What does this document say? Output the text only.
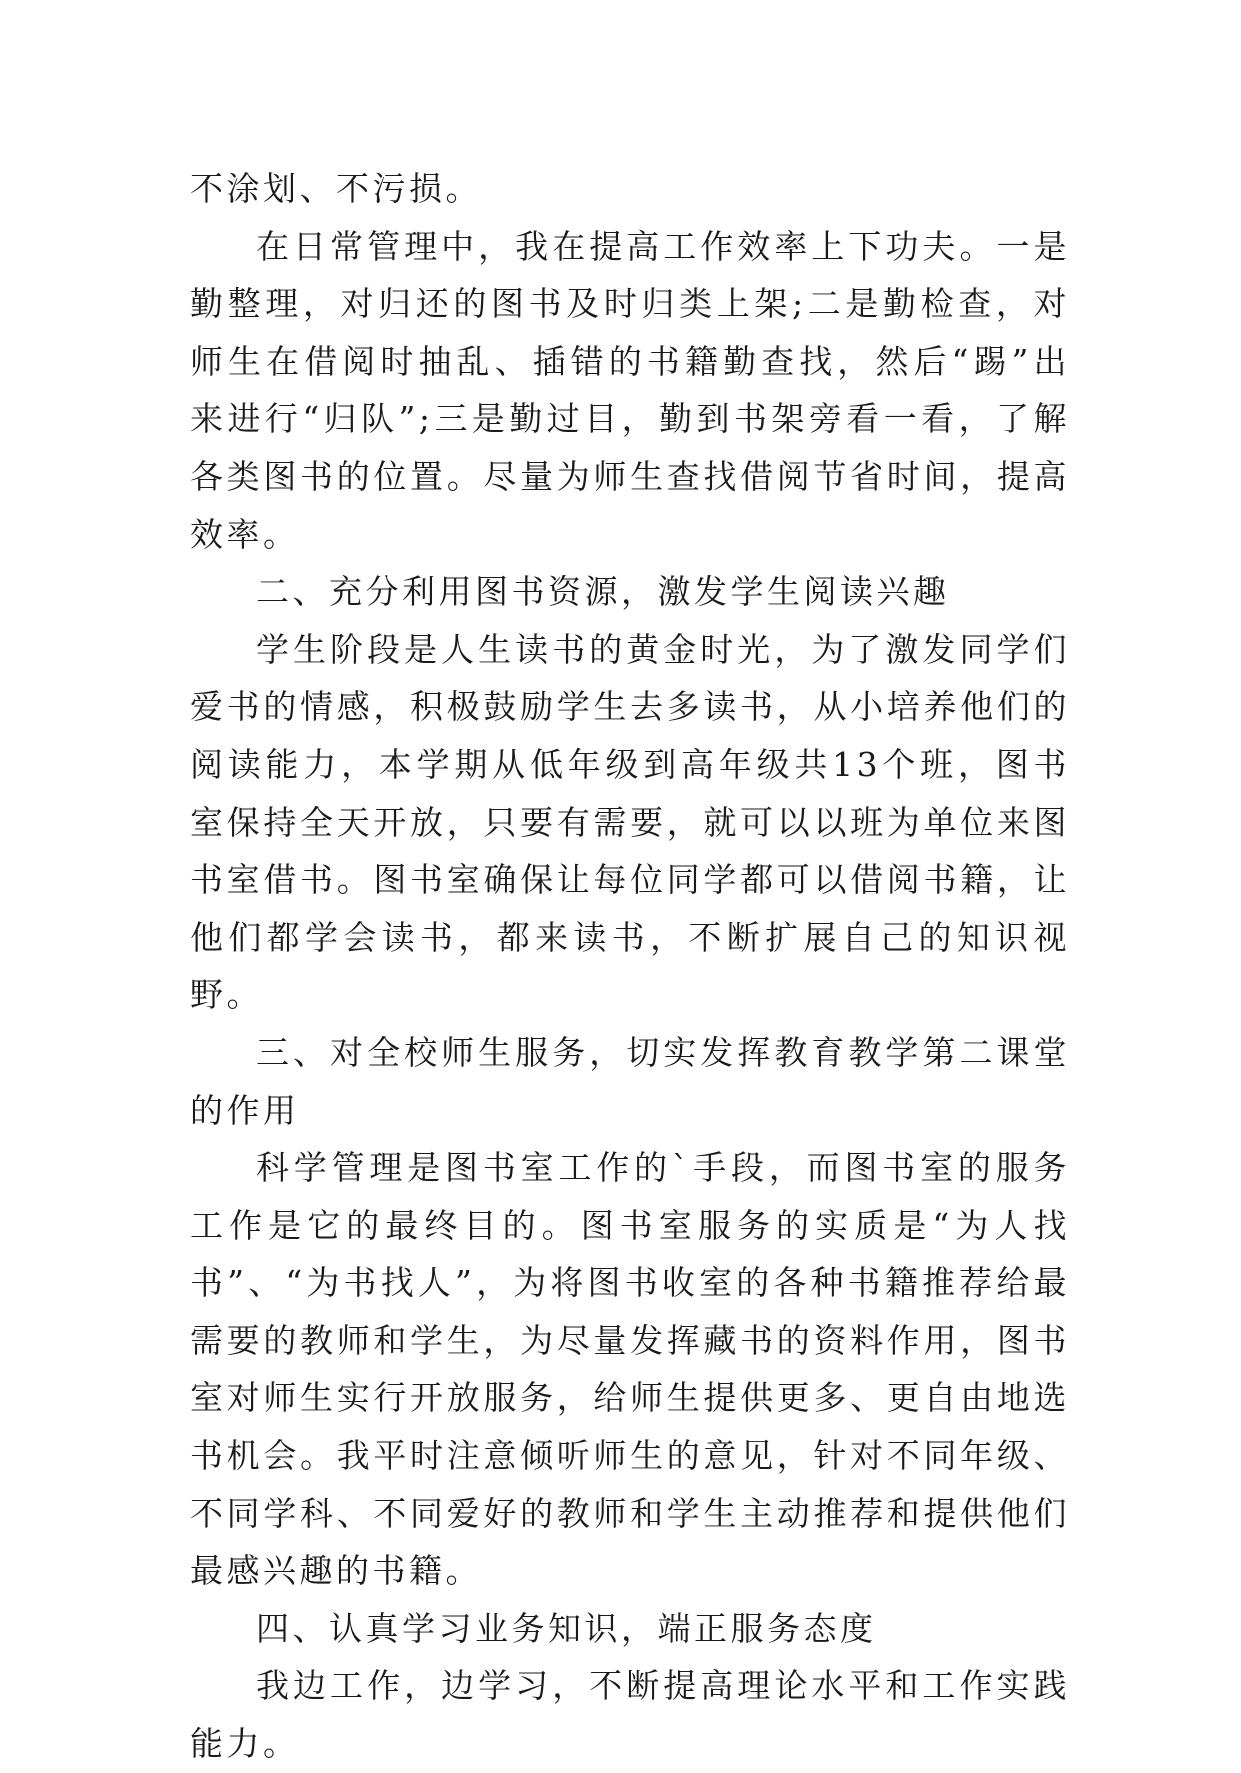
不涂划、不污损。

在日常管理中，我在提高工作效率上下功夫。一是勤整理，对归还的图书及时归类上架;二是勤检查，对师生在借阅时抽乱、插错的书籍勤查找，然后“踢”出来进行“归队”;三是勤过目，勤到书架旁看一看，了解各类图书的位置。尽量为师生查找借阅节省时间，提高效率。

二、充分利用图书资源，激发学生阅读兴趣

学生阶段是人生读书的黄金时光，为了激发同学们爱书的情感，积极鼓励学生去多读书，从小培养他们的阅读能力，本学期从低年级到高年级共13个班，图书室保持全天开放，只要有需要，就可以以班为单位来图书室借书。图书室确保让每位同学都可以借阅书籍，让他们都学会读书，都来读书，不断扩展自己的知识视野。

三、对全校师生服务，切实发挥教育教学第二课堂的作用

科学管理是图书室工作的`手段，而图书室的服务工作是它的最终目的。图书室服务的实质是“为人找书”、“为书找人”，为将图书收室的各种书籍推荐给最需要的教师和学生，为尽量发挥藏书的资料作用，图书室对师生实行开放服务，给师生提供更多、更自由地选书机会。我平时注意倾听师生的意见，针对不同年级、不同学科、不同爱好的教师和学生主动推荐和提供他们最感兴趣的书籍。

四、认真学习业务知识，端正服务态度

我边工作，边学习，不断提高理论水平和工作实践能力。
